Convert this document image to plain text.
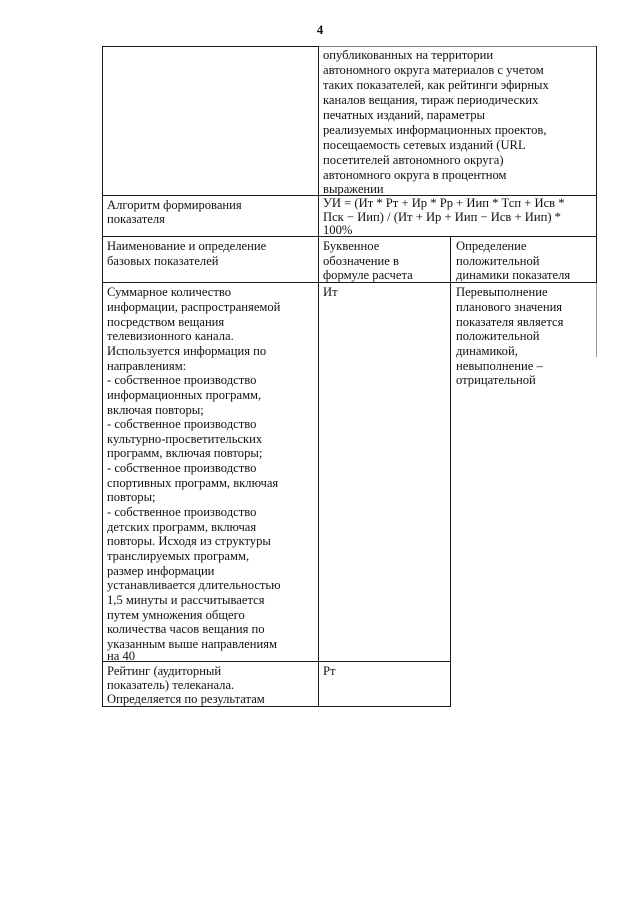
4
опубликованных на территории
автономного округа материалов с учетом
таких показателей, как рейтинги эфирных
каналов вещания, тираж периодических
печатных изданий, параметры
реализуемых информационных проектов,
посещаемость сетевых изданий (URL
посетителей автономного округа)
автономного округа в процентном
выражении
Алгоритм формирования
показателя
УИ = (Ит * Рт + Ир * Рр + Иип * Тсп + Исв *
Пск − Иип) / (Ит + Ир + Иип − Исв + Иип) *
100%
Наименование и определение
базовых показателей
Буквенное
обозначение в
формуле расчета
Определение
положительной
динамики показателя
Суммарное количество
информации, распространяемой
посредством вещания
телевизионного канала.
Используется информация по
направлениям:
- собственное производство
информационных программ,
включая повторы;
- собственное производство
культурно-просветительских
программ, включая повторы;
- собственное производство
спортивных программ, включая
повторы;
- собственное производство
детских программ, включая
повторы. Исходя из структуры
транслируемых программ,
размер информации
устанавливается длительностью
1,5 минуты и рассчитывается
путем умножения общего
количества часов вещания по
указанным выше направлениям
на 40
Ит	Перевыполнение
планового значения
показателя является
положительной
динамикой,
невыполнение –
отрицательной
Рейтинг (аудиторный
показатель) телеканала.
Определяется по результатам
Рт
